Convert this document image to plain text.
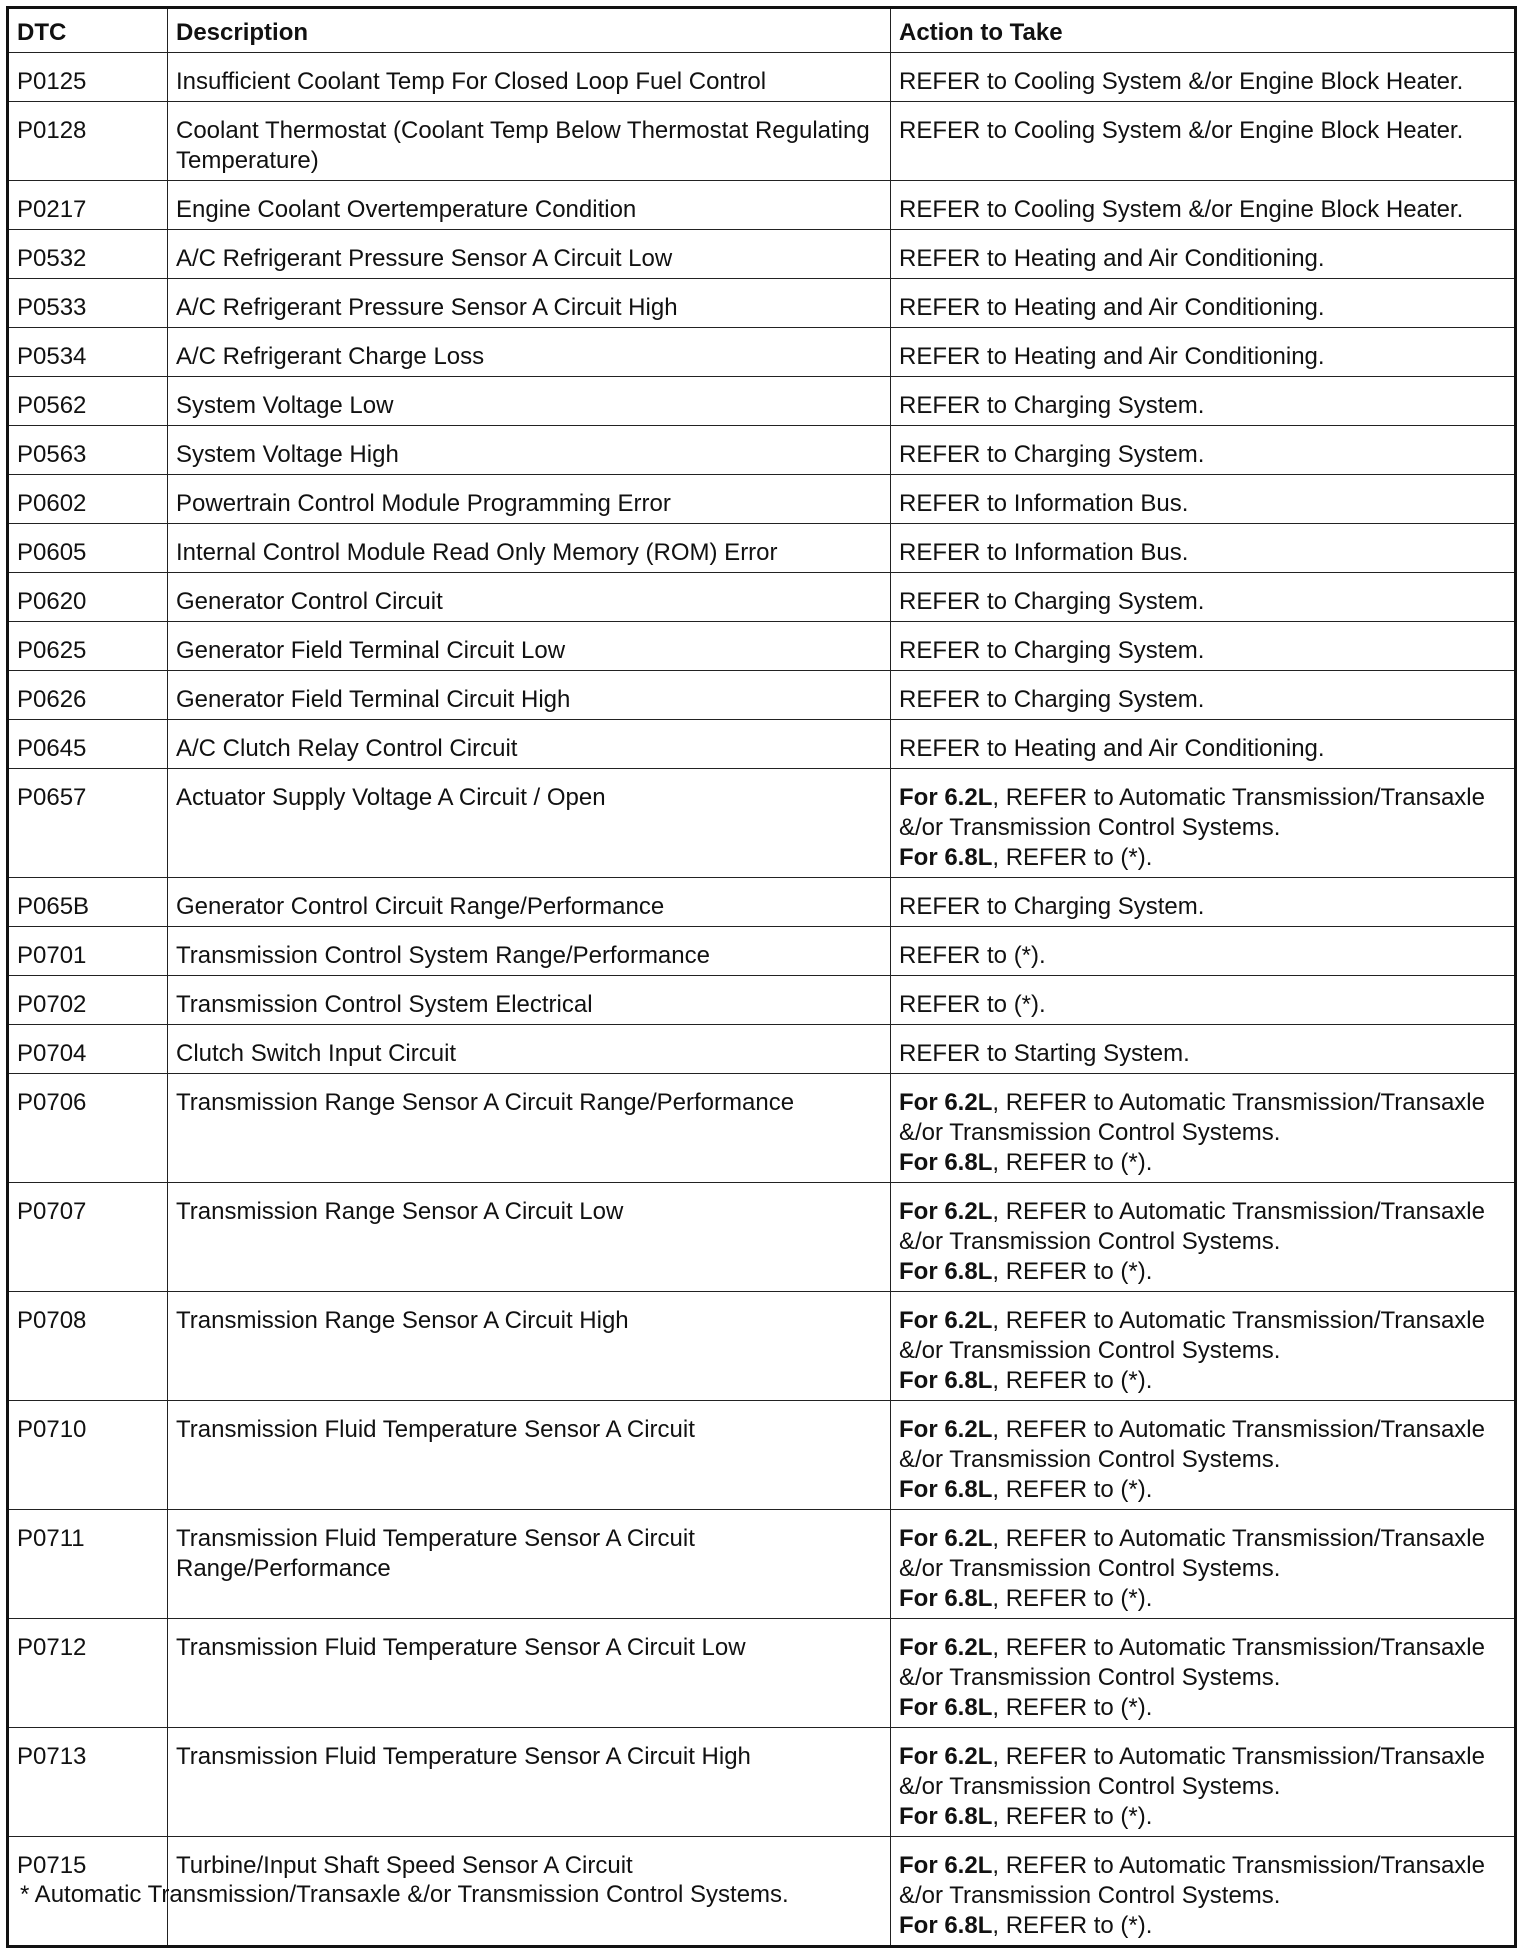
DTC	Description	Action to Take
P0125	Insufficient Coolant Temp For Closed Loop Fuel Control	REFER to Cooling System &/or Engine Block Heater.
P0128	Coolant Thermostat (Coolant Temp Below Thermostat Regulating Temperature)	REFER to Cooling System &/or Engine Block Heater.
P0217	Engine Coolant Overtemperature Condition	REFER to Cooling System &/or Engine Block Heater.
P0532	A/C Refrigerant Pressure Sensor A Circuit Low	REFER to Heating and Air Conditioning.
P0533	A/C Refrigerant Pressure Sensor A Circuit High	REFER to Heating and Air Conditioning.
P0534	A/C Refrigerant Charge Loss	REFER to Heating and Air Conditioning.
P0562	System Voltage Low	REFER to Charging System.
P0563	System Voltage High	REFER to Charging System.
P0602	Powertrain Control Module Programming Error	REFER to Information Bus.
P0605	Internal Control Module Read Only Memory (ROM) Error	REFER to Information Bus.
P0620	Generator Control Circuit	REFER to Charging System.
P0625	Generator Field Terminal Circuit Low	REFER to Charging System.
P0626	Generator Field Terminal Circuit High	REFER to Charging System.
P0645	A/C Clutch Relay Control Circuit	REFER to Heating and Air Conditioning.
P0657	Actuator Supply Voltage A Circuit / Open	For 6.2L, REFER to Automatic Transmission/Transaxle &/or Transmission Control Systems.
For 6.8L, REFER to (*).

P065B	Generator Control Circuit Range/Performance	REFER to Charging System.
P0701	Transmission Control System Range/Performance	REFER to (*).
P0702	Transmission Control System Electrical	REFER to (*).
P0704	Clutch Switch Input Circuit	REFER to Starting System.
P0706	Transmission Range Sensor A Circuit Range/Performance	For 6.2L, REFER to Automatic Transmission/Transaxle &/or Transmission Control Systems.
For 6.8L, REFER to (*).

P0707	Transmission Range Sensor A Circuit Low	For 6.2L, REFER to Automatic Transmission/Transaxle &/or Transmission Control Systems.
For 6.8L, REFER to (*).

P0708	Transmission Range Sensor A Circuit High	For 6.2L, REFER to Automatic Transmission/Transaxle &/or Transmission Control Systems.
For 6.8L, REFER to (*).

P0710	Transmission Fluid Temperature Sensor A Circuit	For 6.2L, REFER to Automatic Transmission/Transaxle &/or Transmission Control Systems.
For 6.8L, REFER to (*).

P0711	Transmission Fluid Temperature Sensor A Circuit Range/Performance	For 6.2L, REFER to Automatic Transmission/Transaxle &/or Transmission Control Systems.
For 6.8L, REFER to (*).

P0712	Transmission Fluid Temperature Sensor A Circuit Low	For 6.2L, REFER to Automatic Transmission/Transaxle &/or Transmission Control Systems.
For 6.8L, REFER to (*).

P0713	Transmission Fluid Temperature Sensor A Circuit High	For 6.2L, REFER to Automatic Transmission/Transaxle &/or Transmission Control Systems.
For 6.8L, REFER to (*).

P0715	Turbine/Input Shaft Speed Sensor A Circuit	For 6.2L, REFER to Automatic Transmission/Transaxle &/or Transmission Control Systems.
For 6.8L, REFER to (*).
* Automatic Transmission/Transaxle &/or Transmission Control Systems.
